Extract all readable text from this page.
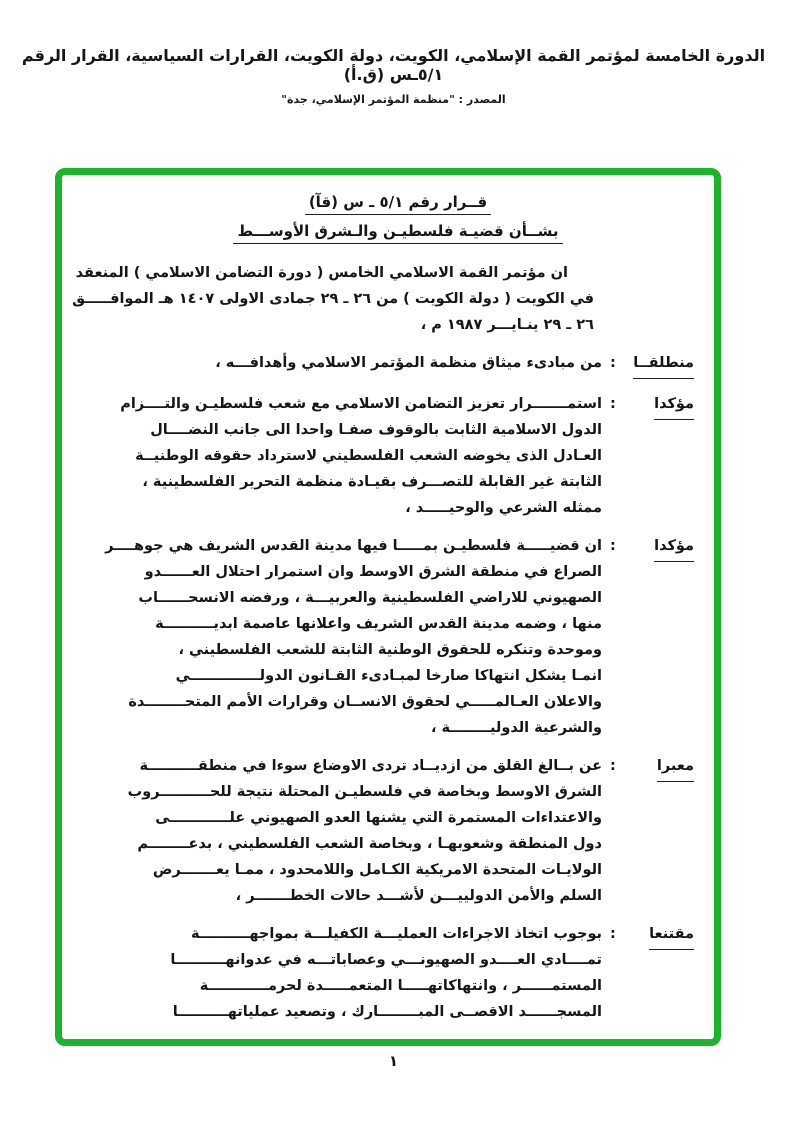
الدورة الخامسة لمؤتمر القمة الإسلامي، الكويت، دولة الكويت، القرارات السياسية، القرار الرقم ٥/١ـس (ق.أ)
المصدر : "منظمة المؤتمر الإسلامي، جدة"
قــرار رقم ٥/١ ـ س (قآ)
بشــأن قضيـة فلسطيـن والـشرق الأوســـط
ان مؤتمر القمة الاسلامي الخامس ( دورة التضامن الاسلامي ) المنعقد
في الكويت ( دولة الكويت ) من ٢٦ ـ ٢٩ جمادى الاولى ١٤٠٧ هـ الموافـــــق
٢٦ ـ ٢٩ ينـايـــر ١٩٨٧ م ،
منطلقــا
:
من مبادىء ميثاق منظمة المؤتمر الاسلامي وأهدافـــه ،
مؤكدا
:
استمـــــــرار تعزيز التضامن الاسلامي مع شعب فلسطيـن والتــــزام
الدول الاسلامية الثابت بالوقوف صفـا واحدا الى جانب النضــــال
العـادل الذى يخوضه الشعب الفلسطيني لاسترداد حقوقه الوطنيــة
الثابتة غير القابلة للتصـــرف بقيـادة منظمة التحرير الفلسطينية ،
ممثله الشرعي والوحيـــــد ،
مؤكدا
:
ان قضيـــــة فلسطيـن بمـــــا فيها مدينة القدس الشريف هي جوهــــر
الصراع في منطقة الشرق الاوسط وان استمرار احتلال العــــــدو
الصهيوني للاراضي الفلسطينية والعربيـــة ، ورفضه الانسحــــــاب
منها ، وضمه مدينة القدس الشريف واعلانها عاصمة ابديــــــــــة
وموحدة وتنكره للحقوق الوطنية الثابتة للشعب الفلسطيني ،
انمـا يشكل انتهاكا صارخا لمبـادىء القـانون الدولــــــــــــــي
والاعلان العـالمـــــي لحقوق الانســان وقرارات الأمم المتحــــــــدة
والشرعية الدوليــــــــة ،
معبرا
:
عن بــالغ القلق من ازديــاد تردى الاوضاع سوءا في منطقــــــــــة
الشرق الاوسط وبخاصة في فلسطيـن المحتلة نتيجة للحــــــــــروب
والاعتداءات المستمرة التي يشنها العدو الصهيوني علــــــــــــى
دول المنطقة وشعوبهـا ، وبخاصة الشعب الفلسطيني ، بدعــــــــم
الولايـات المتحدة الامريكية الكـامل واللامحدود ، ممـا يعـــــــرض
السلم والأمن الدولييـــن لأشـــد حالات الخطـــــــر ،
مقتنعا
:
بوجوب اتخاذ الاجراءات العمليـــة الكفيلـــة بمواجهــــــــــة
تمــــادي العــــدو الصهيونـــي وعصاباتـــه في عدوانهــــــــــا
المستمــــــر ، وانتهاكاتهـــــا المتعمـــــدة لحرمــــــــــــة
المسجــــــد الاقصــى المبــــــــارك ، وتصعيد عملياتهــــــــــا
١
